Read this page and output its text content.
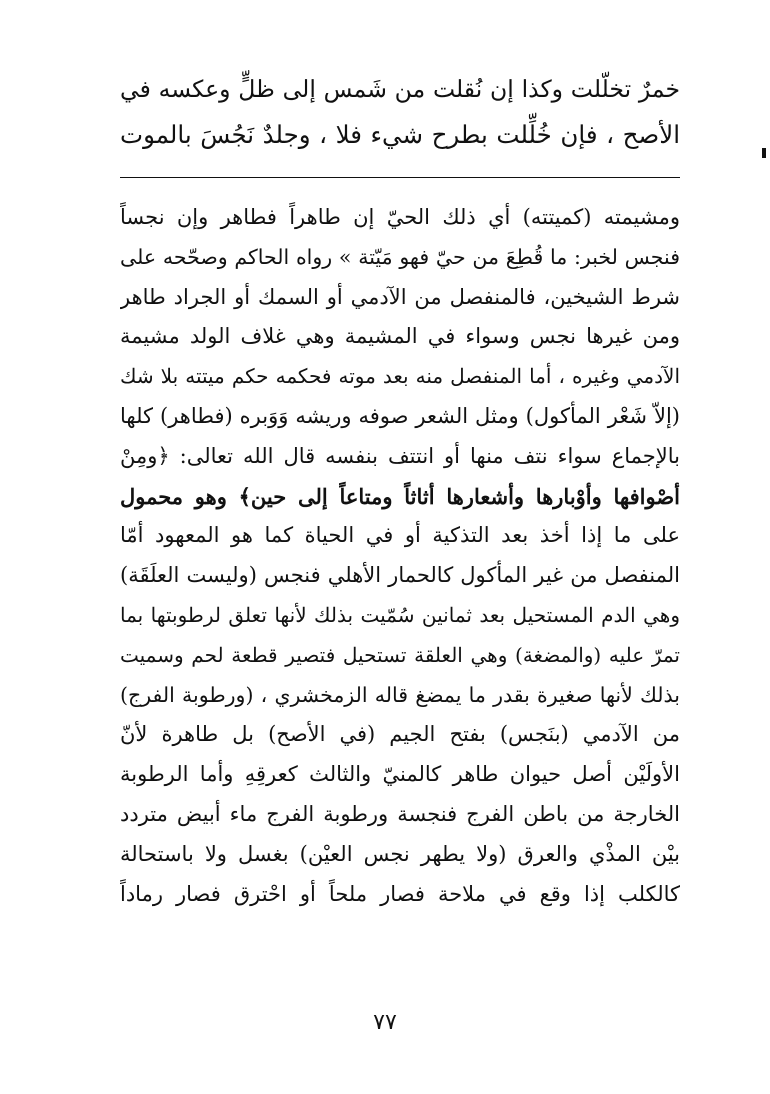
خمرٌ تخلّلت وكذا إن نُقلت من شَمس إلى ظلٍّ وعكسه في
الأصح ، فإن خُلِّلت بطرح شيء فلا ، وجلدٌ نَجُسَ بالموت
ومشيمته (كميتته) أي ذلك الحيّ إن طاهراً فطاهر وإن نجساً
فنجس لخبر: ما قُطِعَ من حيّ فهو مَيّتة » رواه الحاكم وصحّحه على
شرط الشيخين، فالمنفصل من الآدمي أو السمك أو الجراد طاهر
ومن غيرها نجس وسواء في المشيمة وهي غلاف الولد مشيمة
الآدمي وغيره ، أما المنفصل منه بعد موته فحكمه حكم ميتته بلا شك
(إلاّ شَعْر المأكول) ومثل الشعر صوفه وريشه وَوَبره (فطاهر) كلها
بالإجماع سواء نتف منها أو انتتف بنفسه قال الله تعالى: ﴿ومِنْ
أصْوافها وأوْبارها وأشعارها أثاثاً ومتاعاً إلى حين﴾ وهو محمول
على ما إذا أخذ بعد التذكية أو في الحياة كما هو المعهود أمّا
المنفصل من غير المأكول كالحمار الأهلي فنجس (وليست العلَقَة)
وهي الدم المستحيل بعد ثمانين سُمّيت بذلك لأنها تعلق لرطوبتها بما
تمرّ عليه (والمضغة) وهي العلقة تستحيل فتصير قطعة لحم وسميت
بذلك لأنها صغيرة بقدر ما يمضغ قاله الزمخشري ، (ورطوبة الفرج)
من الآدمي (بنَجس) بفتح الجيم (في الأصح) بل طاهرة لأنّ
الأولَيْن أصل حيوان طاهر كالمنيّ والثالث كعرقِهِ وأما الرطوبة
الخارجة من باطن الفرج فنجسة ورطوبة الفرج ماء أبيض متردد
بيْن المذْي والعرق (ولا يطهر نجس العيْن) بغسل ولا باستحالة
كالكلب إذا وقع في ملاحة فصار ملحاً أو احْترق فصار رماداً
٧٧
